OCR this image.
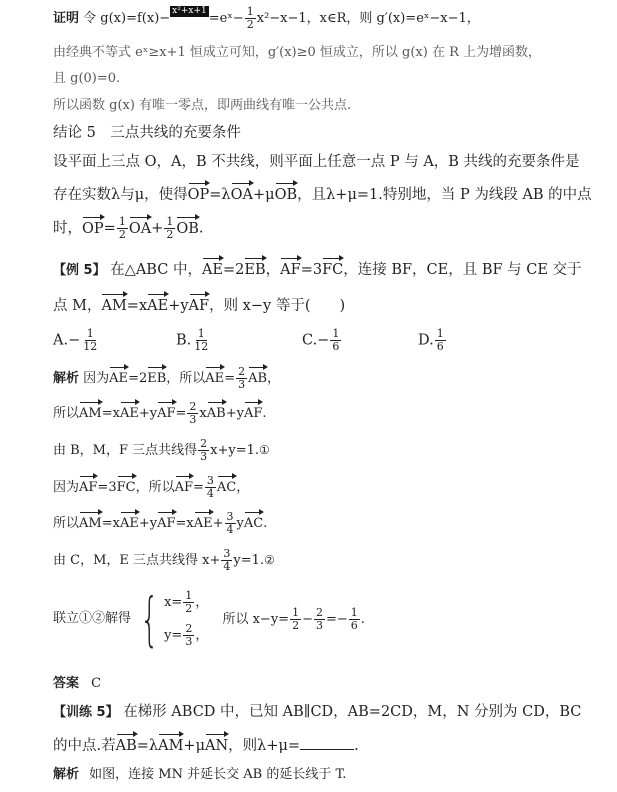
证明 令 g(x)=f(x)− x²+x+1 =eˣ− $\frac{1}{2} x^2-x-1$，x∈R，则 g′(x)=eˣ−x−1，
由经典不等式 eˣ≥x+1 恒成立可知，g′(x)≥0 恒成立，所以 g(x) 在 R 上为增函数，
且 g(0)=0.
所以函数 g(x) 有唯一零点，即两曲线有唯一公共点.
结论 5　三点共线的充要条件
设平面上三点 O，A，B 不共线，则平面上任意一点 P 与 A，B 共线的充要条件是
存在实数λ与μ，使得OP=λOA+μOB，且λ+μ=1.特别地，当 P 为线段 AB 的中点
时，$OP= \frac{1}{2} OA+ \frac{1}{2}$ OB.
【例 5】 在△ABC 中，AE=2EB，AF=3FC，连接 BF，CE，且 BF 与 CE 交于
点 M，AM=xAE+yAF，则 x−y 等于(　　)
$A.- \frac{1}{12}$	B. $\frac{1}{12}$	$C.- \frac{1}{6}$	D. $\frac{1}{6}$
解析 因为AE=2EB，所以$AE= \frac{2}{3}$ AB，
所以$AM=xAE+yAF= \frac{2}{3} xAB+yAF$.
由 B，M，F 三点共线得 $\frac{2}{3}$ x+y=1.①
因为AF=3FC，所以$AF= \frac{3}{4}$ AC，
所以$AM=xAE+yAF=xAE+ \frac{3}{4}$ yAC.
由 C，M，E 三点共线得 $x+ \frac{3}{4}$ y=1.②
联立①②解得 { $x= \frac{1}{2}$ ，
$y= \frac{2}{3}$ ，
所以 $x-y= \frac{1}{2} - \frac{2}{3} =- \frac{1}{6}$ .
答案 C
【训练 5】 在梯形 ABCD 中，已知 AB∥CD，AB=2CD，M，N 分别为 CD，BC
的中点.若AB=λAM+μAN，则λ+μ=	.
解析 如图，连接 MN 并延长交 AB 的延长线于 T.
